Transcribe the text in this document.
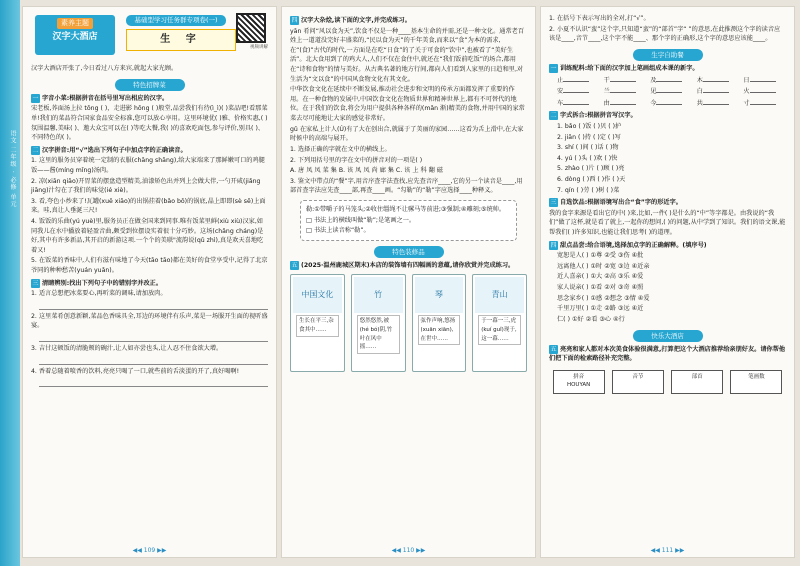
语文 二年级 · 必修 单元
素养主题
汉字大酒店
基础型学习任务群专项卷(一)
生 字
视频讲解

汉字大酒店开张了,今日看过八方来宾,就起大家光顾。

特色招牌菜
一 字音小菜:根据拼音在括号里写出相应的汉字。

宋老板,荞面汤上拉 tōng ( )，走进影 hōng ( )般堂,品尝我们有待(ì_ì)( )菜品吧!看那菜单!我们的菜品符合国家食品安全标准,您可以放心享用。这里环境优( )雅、价格实惠,( )氛围温馨,美味( )、邀大众宝可以在( )等吃大餐,我( )的喜欢吃面包,参与评价,别具( )、不同特色的( )。

二 汉字拼音:用“√”选出下列句子中加点字的正确读音。

1. 这里的服务员穿着统一定制的衣服(chāng shāng),给大家端来了那鲜嫩可口的鸡腿饭——酱(míng mǐng)汤肉。

2. 凉(xiān qiāo)开胃菜的摆盘造型精美,油漆矫色出并列上会做大伴,一勺开咸(jiǎng jiāng)汁勾在了我们的味觉(ié xiè)。

3. 看,夸色小炒来了!瓦罐(xuě xiāo)的出锅挂着(bǎo bō)的锅底,晶上即即(sè sē)上面来。哇,真让人垂涎三尺!

4. 饭饭的乐曲(yú yuè)里,服务员正在做全国来到同事.唯有饭菜里鲜(xiù xiù)汉家,如同我儿在水中播放着轻盈音曲,颇受到位摆设实着很十分巧妙。这场(chǎng cháng)是好,其中有许多新品,其开启的新游这项.一个个的美联"流韵说(qǔ zhì),真是欢天喜地吃着又!

5. 在饭菜的香味中,人们有滋有味地了今天(tāo tāo)都在美好的食堂享受中,记得了北京爷同的种种愁苦(yuán yuǎn)。

三 清睛辨别:找出下列句子中的错别字并改正。

1. 适言总想把冰菜要心,再听菜的调味,请加放肉。

2. 这里菜肴创意新颖,菜品色香味具全,耳边的环境伴有乐声,菜是一场服开生面的视听盛宴。

3. 吉甘这顿饭的清脆颊的碗汁,让人如亦尝也头,让人忍不住食欲大增。

4. 香着总随着喷香的饮料,亮亮只喝了一口,就些前的舌淡蛋的开了,真好喝啊!

◀◀ 109 ▶▶
四 汉字大杂烩,读下面的文字,并完成练习。

yān 肴问“风以食为天”,饮食不仅是一种____基本生命的并需,还是一种文化。通常老百姓上一道道没完好丰盛菜的,“民以食为天”的千年美食,而来以“食”为本的需求,在“(食)”古代的时代,一方面是在吃“日食”的了关于可食的“饮中”,也被看了“美好生活”。北大食用到了的鸡大人,人们不仅在食住中,就还在“我们饭前吃饭”的场合,都用在“诗和食物”的情与美好。从古典名著的地方行间,都向人们看到人家里的日趋和里,对生活为“文以食”的中国风食物文化有其文化。

中华饮食文化在延续中不断发展,推动社会进步和文明的传承方面都发挥了重要的作用。在一种食物的发展中,中国饮食文化在物质世界和精神世界上,都有不可替代的地位。在于我们的饮食,将会为用户提供各种各样的(mǎn 渐)精美的食物,并用中国的家常菜去尽可能地让大家的感觉非常好。

gǔ 在家私上计人(Ú)有了大在创出合,就属于了美丽的家园……这看为舌上滑中,在大家时候中的高端与展开。

1. 选择正确的字就在文中的横线上。

2. 下列用括号里的字在文中的拼音对的一项是( )

A. 唐 凤 凤 菜 集 B. 该 凤 凤 尚 廊 集 C. 该 上 科 翻 磁

3. 鉴文中带点的“餐”字,用音序查字法查找,应先查音序____,它的另一个读音是____,用部首查字法应先查____部,再查____画。“勾勒”的“勒”字应选择____种释义。

勒:①带嚼子的马笼头;②收住缰绳不让骡马等前进;③强制;④雕刻;⑤统帅。

□ 书法上的横线叫做“勒”;是笔画之一。

□ 书法上读音称“勒”。

特色装修品
五 (2025·温州鹿城区期末)本店的装饰墙有四幅画的意蕴,请你欣赏并完成练习。
中国文化
生长在平三,杂食其中……
竹
悠然悠然,被(hé bó)阴,竹叶在风中摇……
琴
弦作声响,悠扬(xuān xiān),在世中……
青山
于一幕一三,虎(kuí guǐ)现于,这一幕……
◀◀ 110 ▶▶

1. 在括号下表示写出的全对,打“√”。

2. 小夏不认识“蛮”这个字,只知道“蛮”的“部首”字“ ”的意思,在此推测这个字的读音应该是____,音节____,这个字不能____、那个字的正确形,这个字的意思应该能____。

生字自助餐
一 训练配料:给下面的汉字加上笔画组成本课的新字。
止	干	及	木	日
安	兰	见	白	火
车	由	今	共	寸
二 字式拆合:根据拼音写汉字。
1. bǎo ( )饭 ( )贝 ( )护
2. jiān ( )持 ( )定 ( )写
3. shí ( )间 ( )话 ( )物
4. yú ( )头 ( )欢 ( )快
5. zhào ( )片 ( )顾 ( )亮
6. dòng ( )西 ( )作 ( )天
7. qín ( )劳 ( )树 ( )菜
三 自选饮品:根据语境写出合“食”字的形近字。

我的食字来源是看出它的中( )来,比如,一件( )是什么的“中”等字都是。由我说的“我们”做了这杯,就是看了就上,一起你的想问,( )的问题,从中学到了知识。我们的语文课,能帮我们( )许多知识,也能让我们思考( )的道理。

四 甜点品尝:给合语境,选择加点字的正确解释。(填序号)
宽恕是人( ) ①尊 ②受 ③伤 ④批
远离他人( ) ①时 ②宽 ③边 ④近亲
近人喜亲( ) ①大 ②高 ③乐 ④爱
家人说亲( ) ①看 ②对 ③奇 ④照
思念家乡( ) ①感 ②想念 ③情 ④爱
千里万里( ) ①走 ②路 ③远 ④近
仁( ) ①好 ②看 ③心 ④行
快乐大酒店
五 亮亮和家人都对本次美食体验很满意,打算把这个大酒店推荐给亲朋好友。请你帮他们把下面的检索路径补充完整。
拼音
HOUYAN
音节	部首	笔画数
◀◀ 111 ▶▶
